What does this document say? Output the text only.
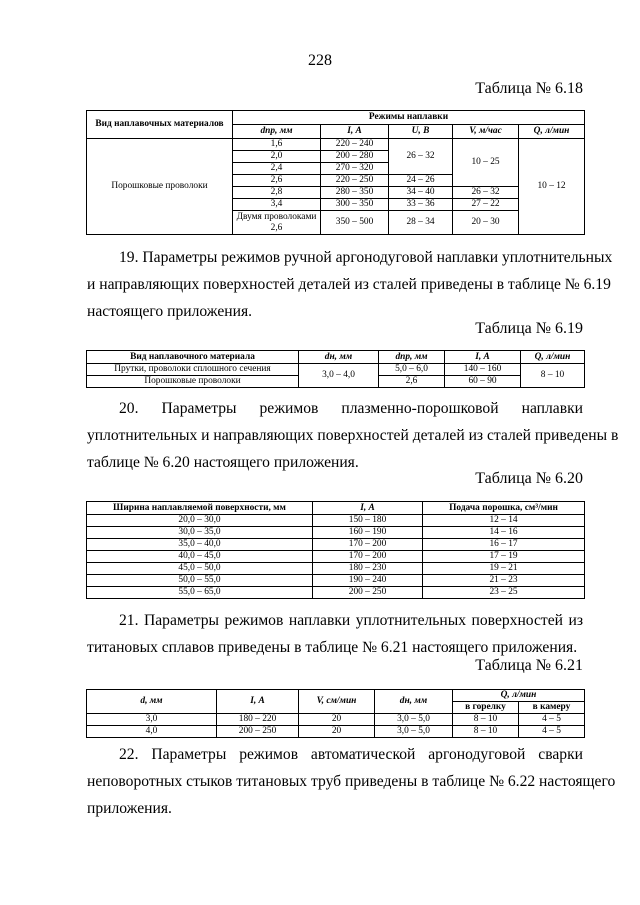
228
Таблица № 6.18
Вид наплавочных материалов	Режимы наплавки				
	dпр, мм	I, А	U, В	V, м/час	Q, л/мин
Порошковые проволоки	1,6	220 – 240	26 – 32	10 – 25	10 – 12
	2,0	200 – 280			
	2,4	270 – 320			
	2,6	220 – 250	24 – 26		
	2,8	280 – 350	34 – 40	26 – 32	
	3,4	300 – 350	33 – 36	27 – 22	
	Двумя проволоками 2,6	350 – 500	28 – 34	20 – 30	
19. Параметры режимов ручной аргонодуговой наплавки уплотнительных
и направляющих поверхностей деталей из сталей приведены в таблице № 6.19
настоящего приложения.
Таблица № 6.19
Вид наплавочного материала	dн, мм	dпр, мм	I, А	Q, л/мин
Прутки, проволоки сплошного сечения	3,0 – 4,0	5,0 – 6,0	140 – 160	8 – 10
Порошковые проволоки		2,6	60 – 90	
20. Параметры режимов плазменно-порошковой наплавки
уплотнительных и направляющих поверхностей деталей из сталей приведены в
таблице № 6.20 настоящего приложения.
Таблица № 6.20
Ширина наплавляемой поверхности, мм	I, А	Подача порошка, см³/мин
20,0 – 30,0	150 – 180	12 – 14
30,0 – 35,0	160 – 190	14 – 16
35,0 – 40,0	170 – 200	16 – 17
40,0 – 45,0	170 – 200	17 – 19
45,0 – 50,0	180 – 230	19 – 21
50,0 – 55,0	190 – 240	21 – 23
55,0 – 65,0	200 – 250	23 – 25
21. Параметры режимов наплавки уплотнительных поверхностей из
титановых сплавов приведены в таблице № 6.21 настоящего приложения.
Таблица № 6.21
d, мм	I, А	V, см/мин	dн, мм	Q, л/мин	
				в горелку	в камеру
3,0	180 – 220	20	3,0 – 5,0	8 – 10	4 – 5
4,0	200 – 250	20	3,0 – 5,0	8 – 10	4 – 5
22. Параметры режимов автоматической аргонодуговой сварки
неповоротных стыков титановых труб приведены в таблице № 6.22 настоящего
приложения.
